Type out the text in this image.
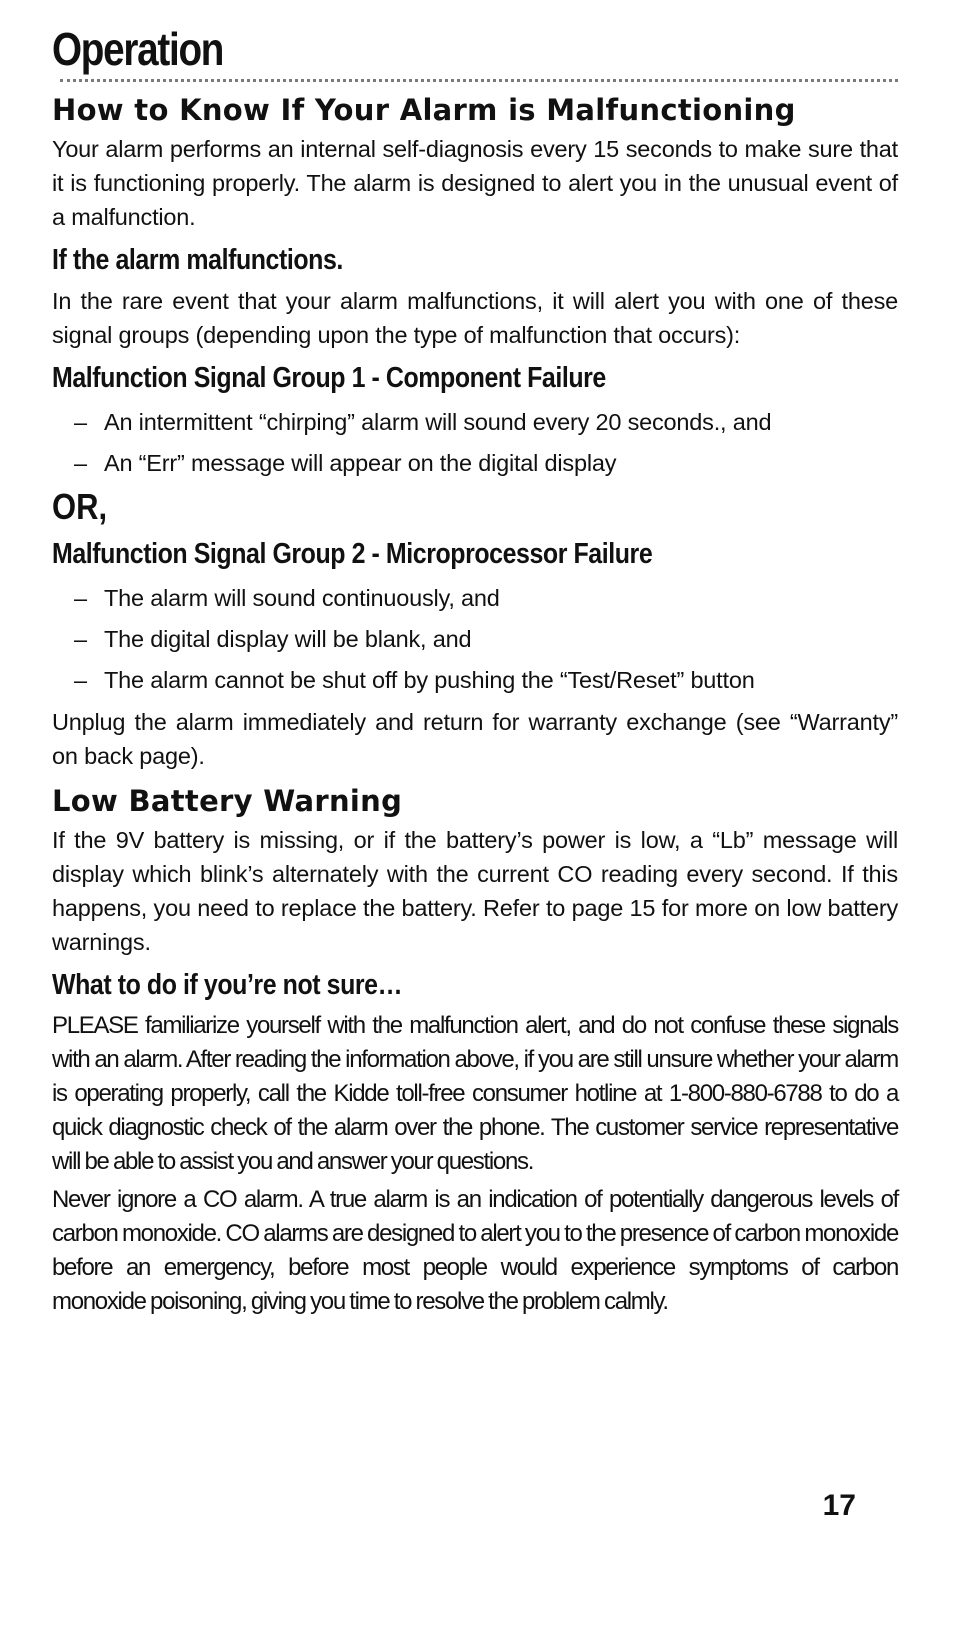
Operation
How to Know If Your Alarm is Malfunctioning

Your alarm performs an internal self-diagnosis every 15 seconds to make sure that it is functioning properly. The alarm is designed to alert you in the unusual event of a malfunction.

If the alarm malfunctions.

In the rare event that your alarm malfunctions, it will alert you with one of these signal groups (depending upon the type of malfunction that occurs):

Malfunction Signal Group 1 - Component Failure
– An intermittent “chirping” alarm will sound every 20 seconds., and
– An “Err” message will appear on the digital display
OR,
Malfunction Signal Group 2 - Microprocessor Failure
– The alarm will sound continuously, and
– The digital display will be blank, and
– The alarm cannot be shut off by pushing the “Test/Reset” button

Unplug the alarm immediately and return for warranty exchange (see “Warranty” on back page).

Low Battery Warning

If the 9V battery is missing, or if the battery’s power is low, a “Lb” message will display which blink’s alternately with the current CO reading every second. If this happens, you need to replace the battery. Refer to page 15 for more on low battery warnings.

What to do if you’re not sure…

PLEASE familiarize yourself with the malfunction alert, and do not confuse these signals with an alarm. After reading the information above, if you are still unsure whether your alarm is operating properly, call the Kidde toll-free consumer hotline at 1-800-880-6788 to do a quick diagnostic check of the alarm over the phone. The customer service representative will be able to assist you and answer your questions.

Never ignore a CO alarm. A true alarm is an indication of potentially dangerous levels of carbon monoxide. CO alarms are designed to alert you to the presence of carbon monoxide before an emergency, before most people would experience symptoms of carbon monoxide poisoning, giving you time to resolve the problem calmly.

17
